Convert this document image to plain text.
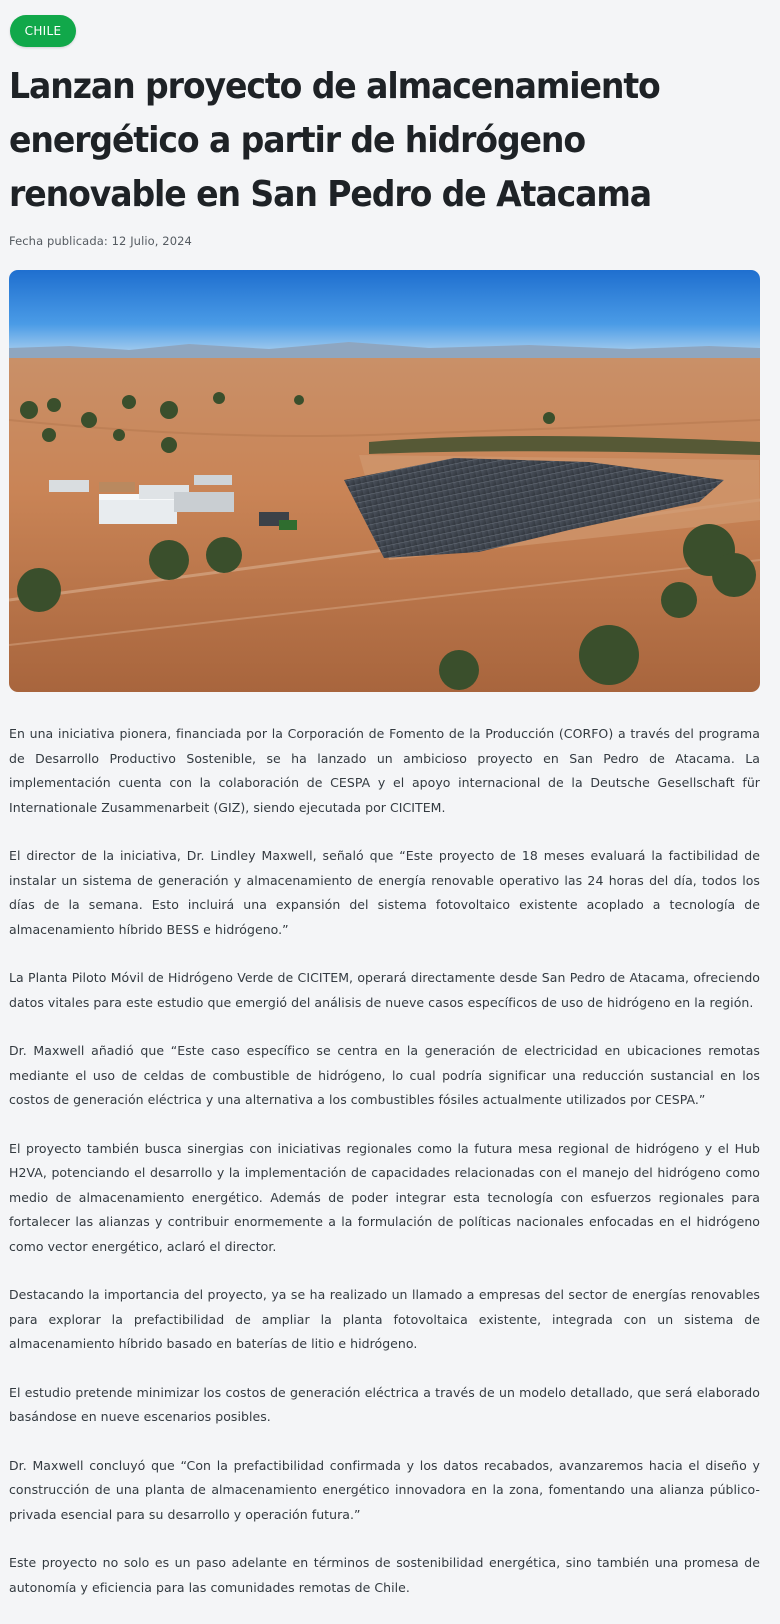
CHILE
Lanzan proyecto de almacenamiento energético a partir de hidrógeno renovable en San Pedro de Atacama
Fecha publicada: 12 Julio, 2024

En una iniciativa pionera, financiada por la Corporación de Fomento de la Producción (CORFO) a través del programa de Desarrollo Productivo Sostenible, se ha lanzado un ambicioso proyecto en San Pedro de Atacama. La implementación cuenta con la colaboración de CESPA y el apoyo internacional de la Deutsche Gesellschaft für Internationale Zusammenarbeit (GIZ), siendo ejecutada por CICITEM.

El director de la iniciativa, Dr. Lindley Maxwell, señaló que “Este proyecto de 18 meses evaluará la factibilidad de instalar un sistema de generación y almacenamiento de energía renovable operativo las 24 horas del día, todos los días de la semana. Esto incluirá una expansión del sistema fotovoltaico existente acoplado a tecnología de almacenamiento híbrido BESS e hidrógeno.”

La Planta Piloto Móvil de Hidrógeno Verde de CICITEM, operará directamente desde San Pedro de Atacama, ofreciendo datos vitales para este estudio que emergió del análisis de nueve casos específicos de uso de hidrógeno en la región.

Dr. Maxwell añadió que “Este caso específico se centra en la generación de electricidad en ubicaciones remotas mediante el uso de celdas de combustible de hidrógeno, lo cual podría significar una reducción sustancial en los costos de generación eléctrica y una alternativa a los combustibles fósiles actualmente utilizados por CESPA.”

El proyecto también busca sinergias con iniciativas regionales como la futura mesa regional de hidrógeno y el Hub H2VA, potenciando el desarrollo y la implementación de capacidades relacionadas con el manejo del hidrógeno como medio de almacenamiento energético. Además de poder integrar esta tecnología con esfuerzos regionales para fortalecer las alianzas y contribuir enormemente a la formulación de políticas nacionales enfocadas en el hidrógeno como vector energético, aclaró el director.

Destacando la importancia del proyecto, ya se ha realizado un llamado a empresas del sector de energías renovables para explorar la prefactibilidad de ampliar la planta fotovoltaica existente, integrada con un sistema de almacenamiento híbrido basado en baterías de litio e hidrógeno.

El estudio pretende minimizar los costos de generación eléctrica a través de un modelo detallado, que será elaborado basándose en nueve escenarios posibles.

Dr. Maxwell concluyó que “Con la prefactibilidad confirmada y los datos recabados, avanzaremos hacia el diseño y construcción de una planta de almacenamiento energético innovadora en la zona, fomentando una alianza público-privada esencial para su desarrollo y operación futura.”

Este proyecto no solo es un paso adelante en términos de sostenibilidad energética, sino también una promesa de autonomía y eficiencia para las comunidades remotas de Chile.
